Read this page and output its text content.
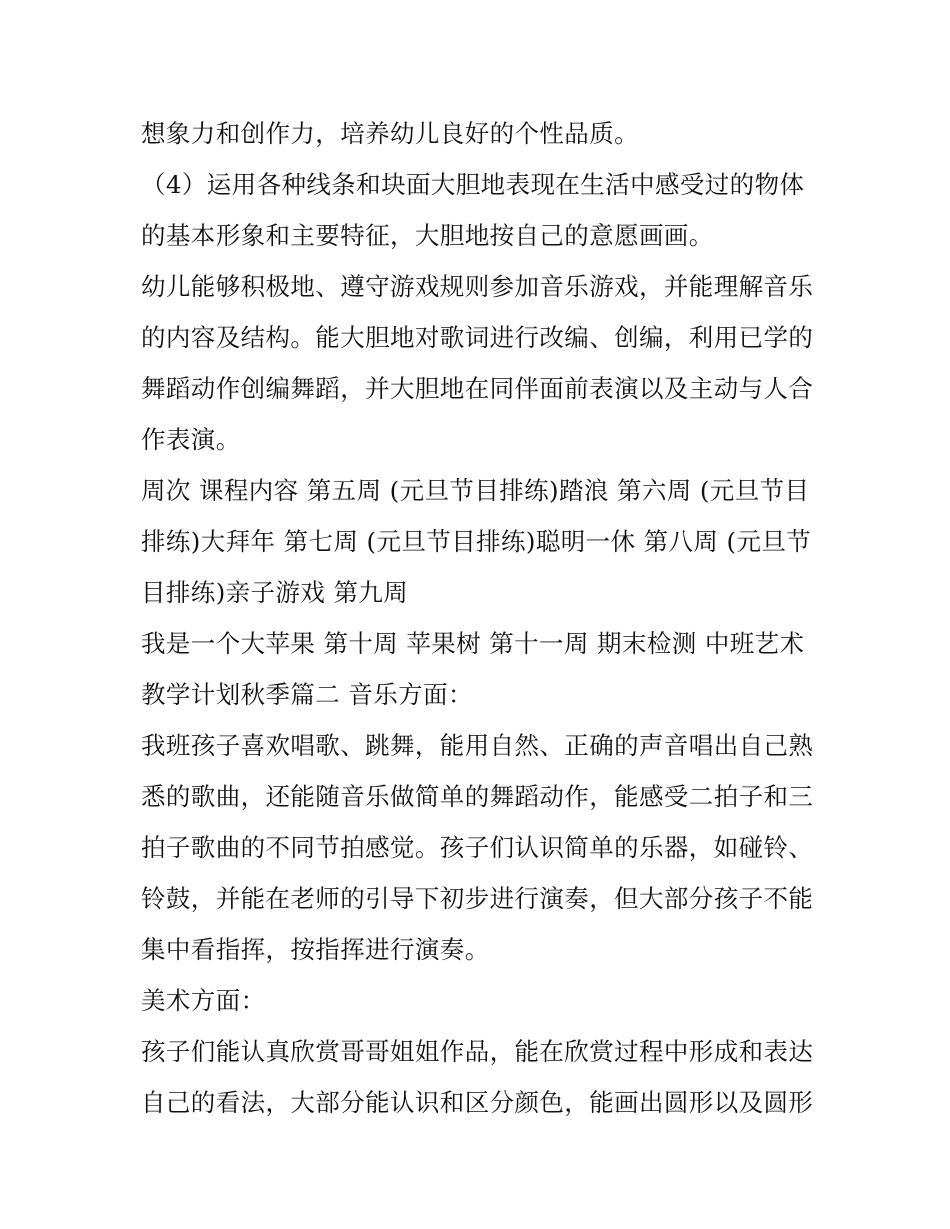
想象力和创作力，培养幼儿良好的个性品质。
（4）运用各种线条和块面大胆地表现在生活中感受过的物体
的基本形象和主要特征，大胆地按自己的意愿画画。
幼儿能够积极地、遵守游戏规则参加音乐游戏，并能理解音乐
的内容及结构。能大胆地对歌词进行改编、创编，利用已学的
舞蹈动作创编舞蹈，并大胆地在同伴面前表演以及主动与人合
作表演。
周次 课程内容 第五周 (元旦节目排练)踏浪 第六周 (元旦节目
排练)大拜年 第七周 (元旦节目排练)聪明一休 第八周 (元旦节
目排练)亲子游戏 第九周
我是一个大苹果 第十周 苹果树 第十一周 期末检测 中班艺术
教学计划秋季篇二 音乐方面：
我班孩子喜欢唱歌、跳舞，能用自然、正确的声音唱出自己熟
悉的歌曲，还能随音乐做简单的舞蹈动作，能感受二拍子和三
拍子歌曲的不同节拍感觉。孩子们认识简单的乐器，如碰铃、
铃鼓，并能在老师的引导下初步进行演奏，但大部分孩子不能
集中看指挥，按指挥进行演奏。
美术方面：
孩子们能认真欣赏哥哥姐姐作品，能在欣赏过程中形成和表达
自己的看法，大部分能认识和区分颜色，能画出圆形以及圆形
